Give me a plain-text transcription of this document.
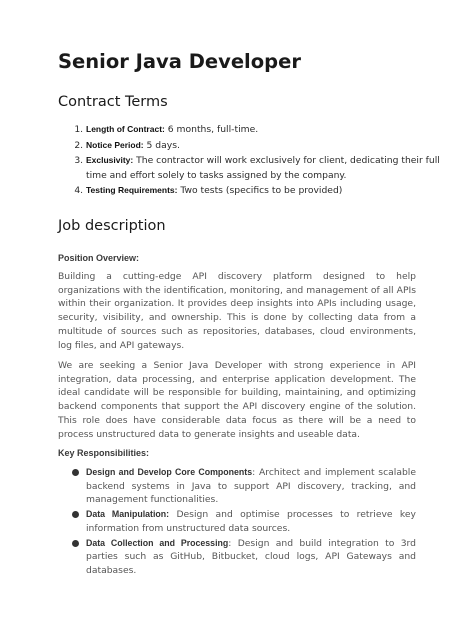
Senior Java Developer
Contract Terms
1. Length of Contract: 6 months, full-time.
2. Notice Period: 5 days.
3. Exclusivity: The contractor will work exclusively for client, dedicating their full time and effort solely to tasks assigned by the company.
4. Testing Requirements: Two tests (specifics to be provided)
Job description

Position Overview:

Building a cutting-edge API discovery platform designed to help organizations with the identification, monitoring, and management of all APIs within their organization. It provides deep insights into APIs including usage, security, visibility, and ownership. This is done by collecting data from a multitude of sources such as repositories, databases, cloud environments, log files, and API gateways.

We are seeking a Senior Java Developer with strong experience in API integration, data processing, and enterprise application development. The ideal candidate will be responsible for building, maintaining, and optimizing backend components that support the API discovery engine of the solution. This role does have considerable data focus as there will be a need to process unstructured data to generate insights and useable data.

Key Responsibilities:

Design and Develop Core Components: Architect and implement scalable backend systems in Java to support API discovery, tracking, and management functionalities.
Data Manipulation: Design and optimise processes to retrieve key information from unstructured data sources.
Data Collection and Processing: Design and build integration to 3rd parties such as GitHub, Bitbucket, cloud logs, API Gateways and databases.
